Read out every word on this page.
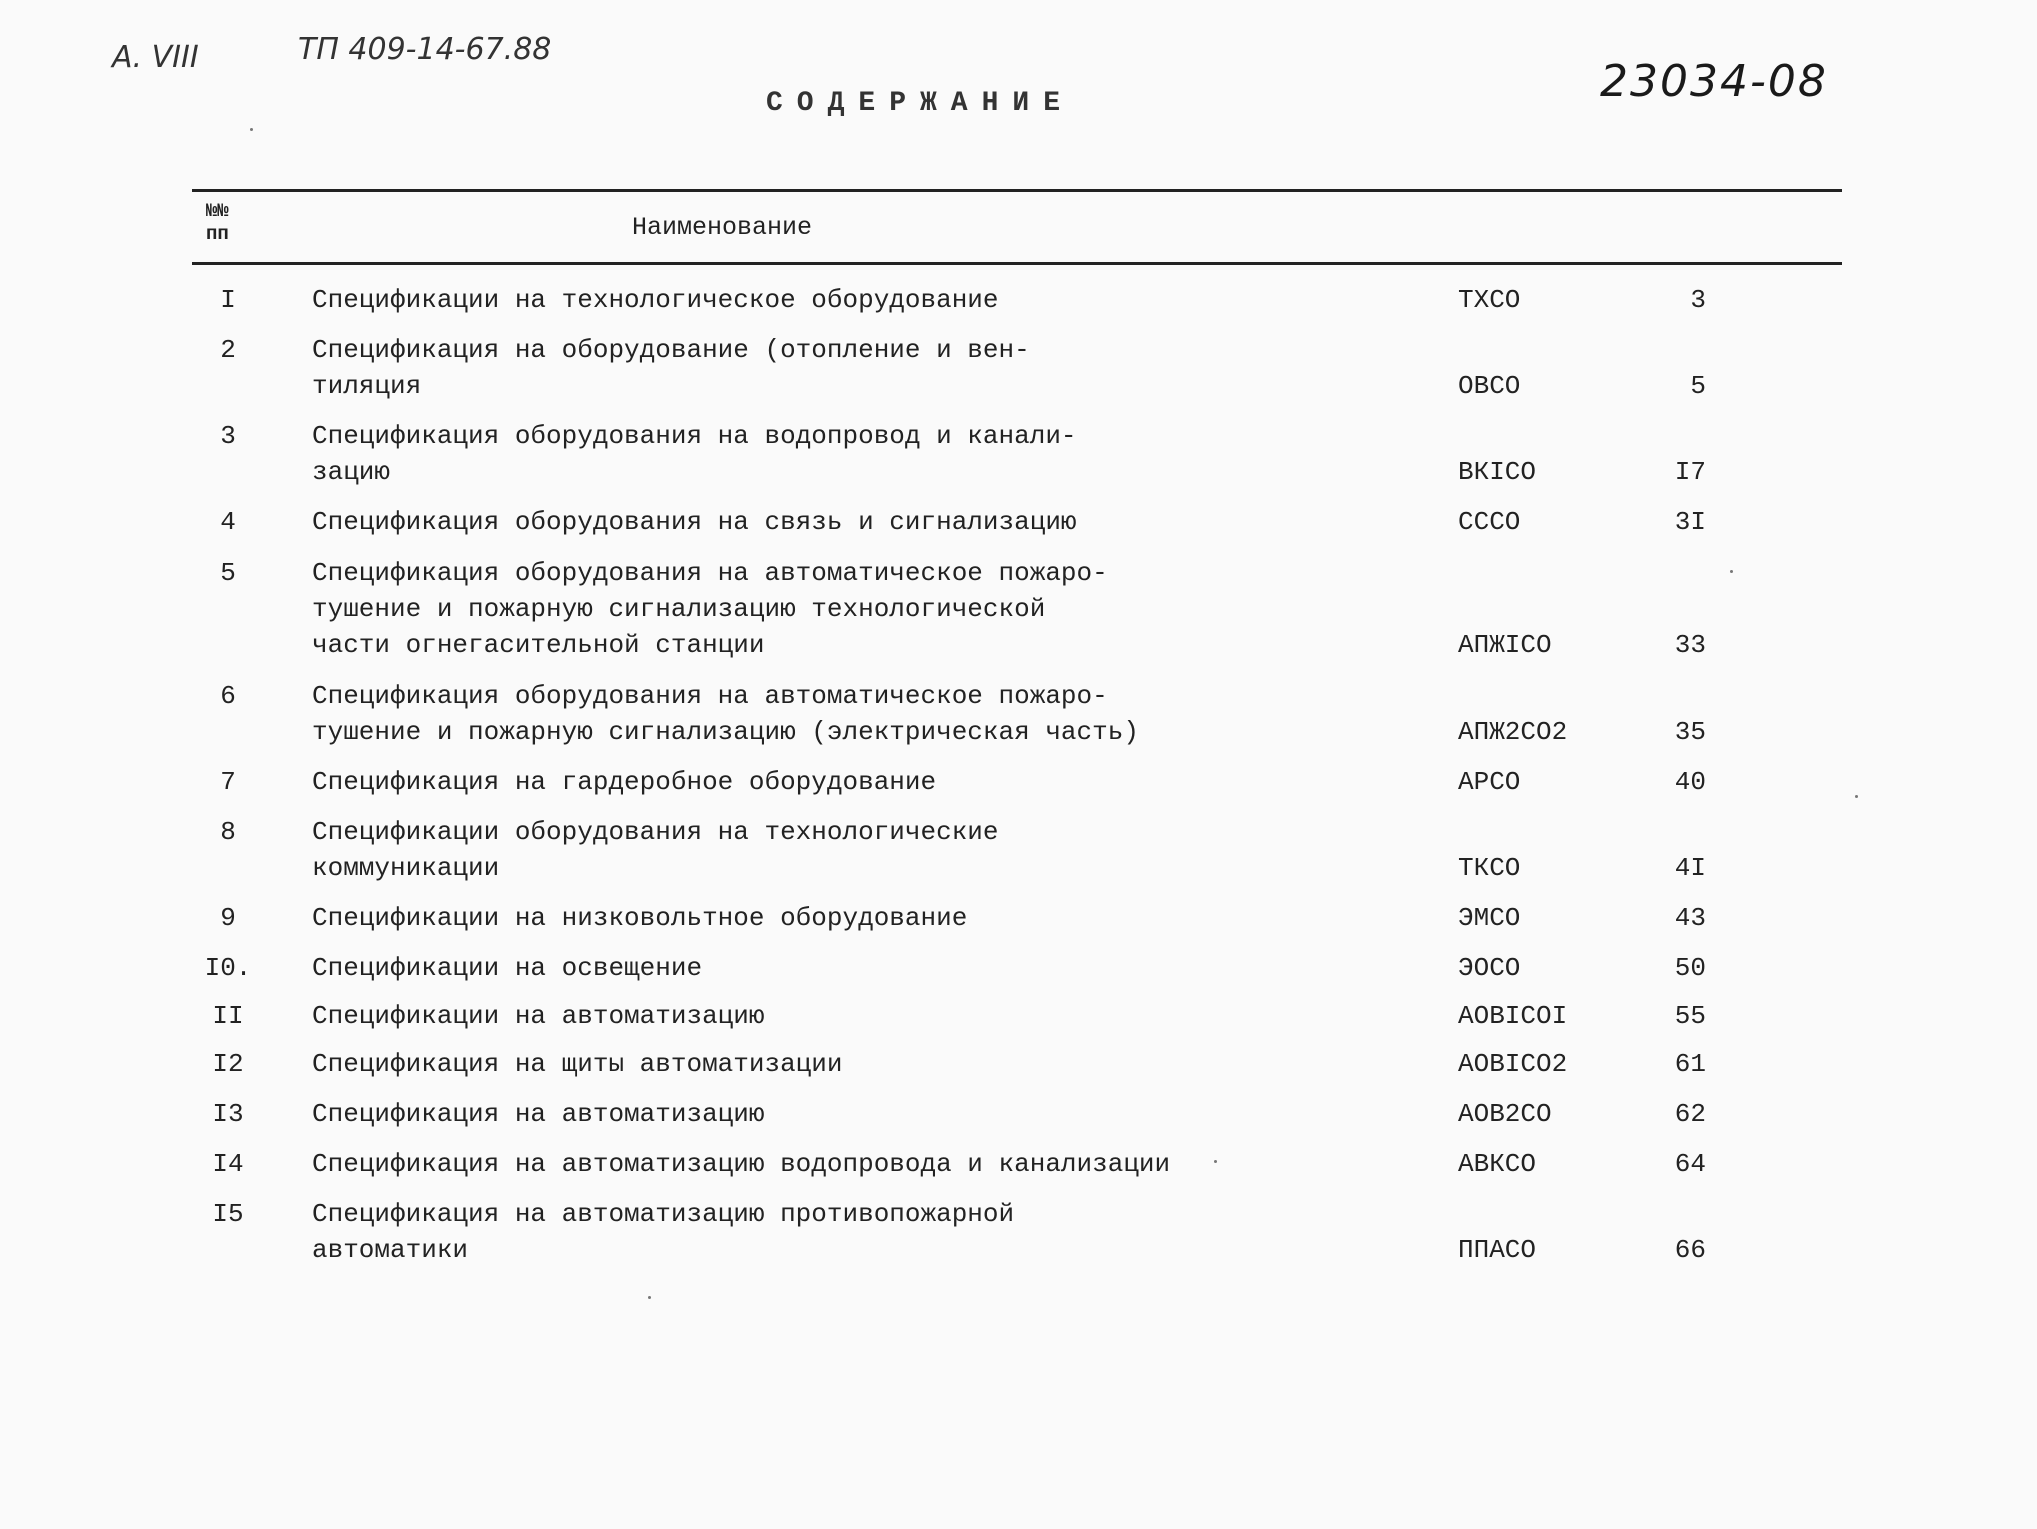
А. VIII	ТП 409-14-67.88
23034-08
СОДЕРЖАНИЕ
№№
пп	Наименование
I	Спецификации на технологическое оборудование	ТХСО	3
2	Спецификация на оборудование (отопление и вен-
тиляция	ОВСО	5
3	Спецификация оборудования на водопровод и канали-
зацию	ВКIСО	I7
4	Спецификация оборудования на связь и сигнализацию	СССО	3I
5	Спецификация оборудования на автоматическое пожаро-
тушение и пожарную сигнализацию технологической
части огнегасительной станции	АПЖIСО	33
6	Спецификация оборудования на автоматическое пожаро-
тушение и пожарную сигнализацию (электрическая часть)	АПЖ2СО2	35
7	Спецификация на гардеробное оборудование	АРСО	40
8	Спецификации оборудования на технологические
коммуникации	ТКСО	4I
9	Спецификации на низковольтное оборудование	ЭМСО	43
I0. Спецификации на освещение	ЭОСО	50
II	Спецификации на автоматизацию	АОВIСОI	55
I2	Спецификация на щиты автоматизации	АОВIСО2	61
I3	Спецификация на автоматизацию	АОВ2СО	62
I4	Спецификация на автоматизацию водопровода и канализации	АВКСО	64
I5	Спецификация на автоматизацию противопожарной
автоматики	ППАСО	66
